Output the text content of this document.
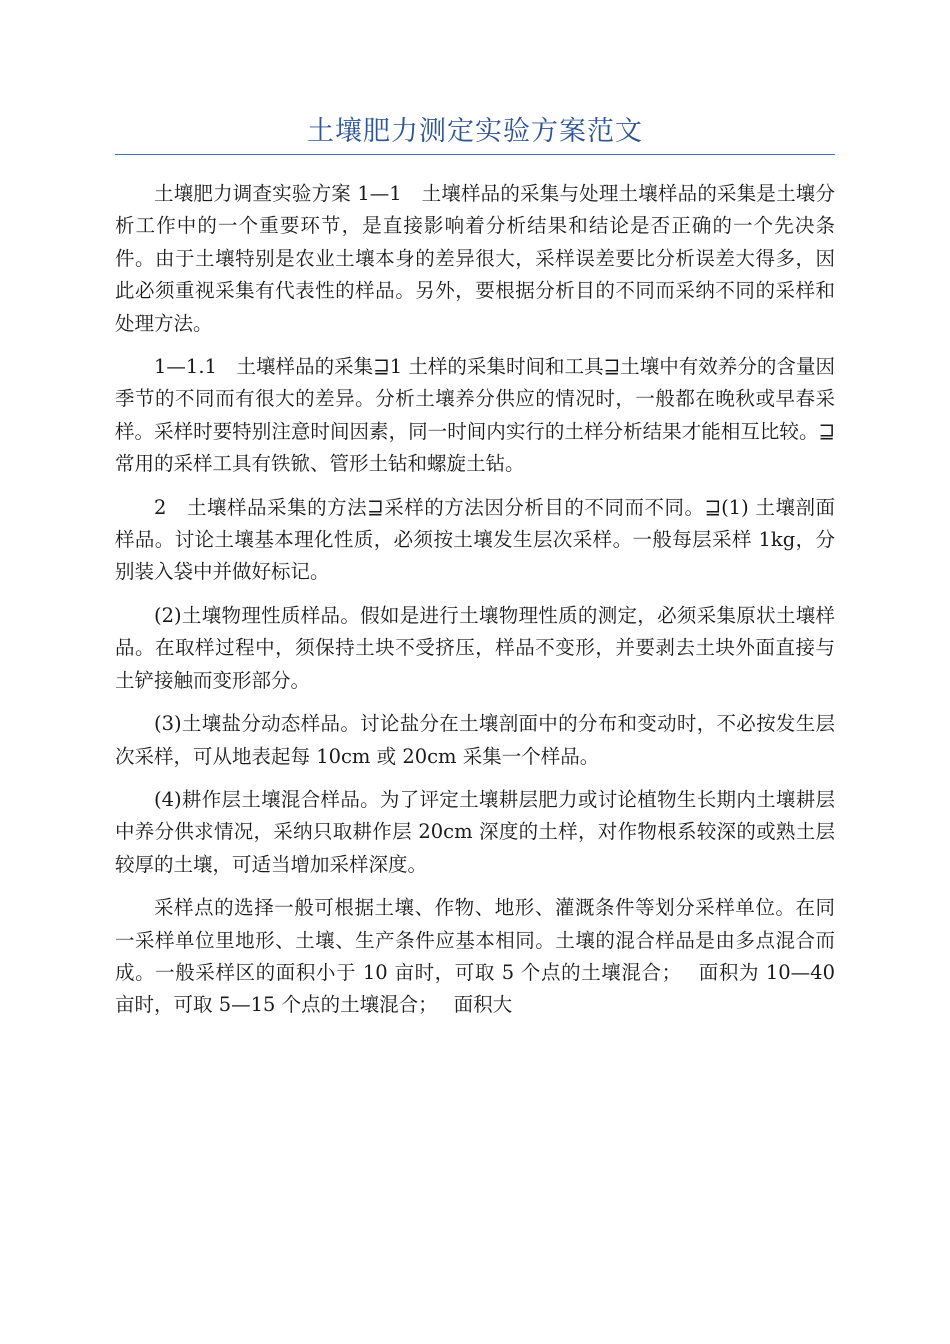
土壤肥力测定实验方案范文

土壤肥力调查实验方案 1—1　土壤样品的采集与处理土壤样品的采集是土壤分析工作中的一个重要环节，是直接影响着分析结果和结论是否正确的一个先决条件。由于土壤特别是农业土壤本身的差异很大，采样误差要比分析误差大得多，因此必须重视采集有代表性的样品。另外，要根据分析目的不同而采纳不同的采样和处理方法。

1—1.1　土壤样品的采集⊒1 土样的采集时间和工具⊒土壤中有效养分的含量因季节的不同而有很大的差异。分析土壤养分供应的情况时，一般都在晚秋或早春采样。采样时要特别注意时间因素，同一时间内实行的土样分析结果才能相互比较。⊒常用的采样工具有铁锨、管形土钻和螺旋土钻。

2　土壤样品采集的方法⊒采样的方法因分析目的不同而不同。⊒(1) 土壤剖面样品。讨论土壤基本理化性质，必须按土壤发生层次采样。一般每层采样 1kg，分别装入袋中并做好标记。

(2)土壤物理性质样品。假如是进行土壤物理性质的测定，必须采集原状土壤样品。在取样过程中，须保持土块不受挤压，样品不变形，并要剥去土块外面直接与土铲接触而变形部分。

(3)土壤盐分动态样品。讨论盐分在土壤剖面中的分布和变动时，不必按发生层次采样，可从地表起每 10cm 或 20cm 采集一个样品。

(4)耕作层土壤混合样品。为了评定土壤耕层肥力或讨论植物生长期内土壤耕层中养分供求情况，采纳只取耕作层 20cm 深度的土样，对作物根系较深的或熟土层较厚的土壤，可适当增加采样深度。

采样点的选择一般可根据土壤、作物、地形、灌溉条件等划分采样单位。在同一采样单位里地形、土壤、生产条件应基本相同。土壤的混合样品是由多点混合而成。一般采样区的面积小于 10 亩时，可取 5 个点的土壤混合；　 面积为 10—40 亩时，可取 5—15 个点的土壤混合；　 面积大
